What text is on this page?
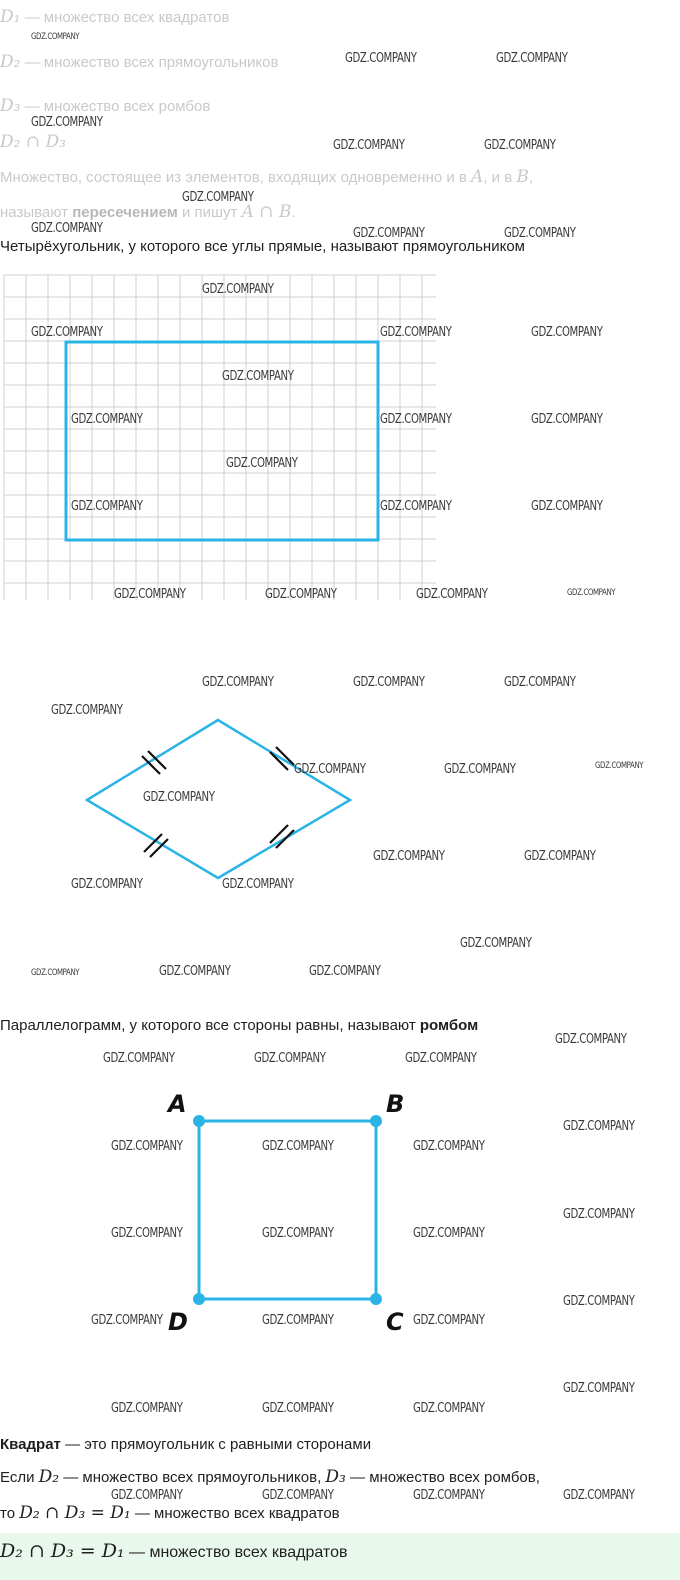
D₁ — множество всех квадратов
D₂ — множество всех прямоугольников
D₃ — множество всех ромбов
D₂ ∩ D₃
Множество, состоящее из элементов, входящих одновременно и в A, и в B,
называют пересечением и пишут A ∩ B.
Четырёхугольник, у которого все углы прямые, называют прямоугольником
A	B
C
D
Параллелограмм, у которого все стороны равны, называют ромбом
Квадрат — это прямоугольник с равными сторонами
Если D₂ — множество всех прямоугольников, D₃ — множество всех ромбов,
то D₂ ∩ D₃ = D₁ — множество всех квадратов
D₂ ∩ D₃ = D₁ — множество всех квадратов
GDZ.COMPANY
GDZ.COMPANY	GDZ.COMPANY
GDZ.COMPANY
GDZ.COMPANY	GDZ.COMPANY
GDZ.COMPANY
GDZ.COMPANY
GDZ.COMPANY	GDZ.COMPANY
GDZ.COMPANY
GDZ.COMPANY	GDZ.COMPANY	GDZ.COMPANY
GDZ.COMPANY
GDZ.COMPANY	GDZ.COMPANY	GDZ.COMPANY
GDZ.COMPANY
GDZ.COMPANY	GDZ.COMPANY	GDZ.COMPANY
GDZ.COMPANY	GDZ.COMPANY	GDZ.COMPANY	GDZ.COMPANY
GDZ.COMPANY	GDZ.COMPANY	GDZ.COMPANY
GDZ.COMPANY
GDZ.COMPANY	GDZ.COMPANY	GDZ.COMPANY
GDZ.COMPANY
GDZ.COMPANY	GDZ.COMPANY
GDZ.COMPANY	GDZ.COMPANY
GDZ.COMPANY
GDZ.COMPANY	GDZ.COMPANY	GDZ.COMPANY
GDZ.COMPANY
GDZ.COMPANY	GDZ.COMPANY	GDZ.COMPANY
GDZ.COMPANY
GDZ.COMPANY	GDZ.COMPANY	GDZ.COMPANY
GDZ.COMPANY
GDZ.COMPANY	GDZ.COMPANY	GDZ.COMPANY
GDZ.COMPANY
GDZ.COMPANY	GDZ.COMPANY	GDZ.COMPANY
GDZ.COMPANY
GDZ.COMPANY	GDZ.COMPANY	GDZ.COMPANY
GDZ.COMPANY	GDZ.COMPANY	GDZ.COMPANY	GDZ.COMPANY
